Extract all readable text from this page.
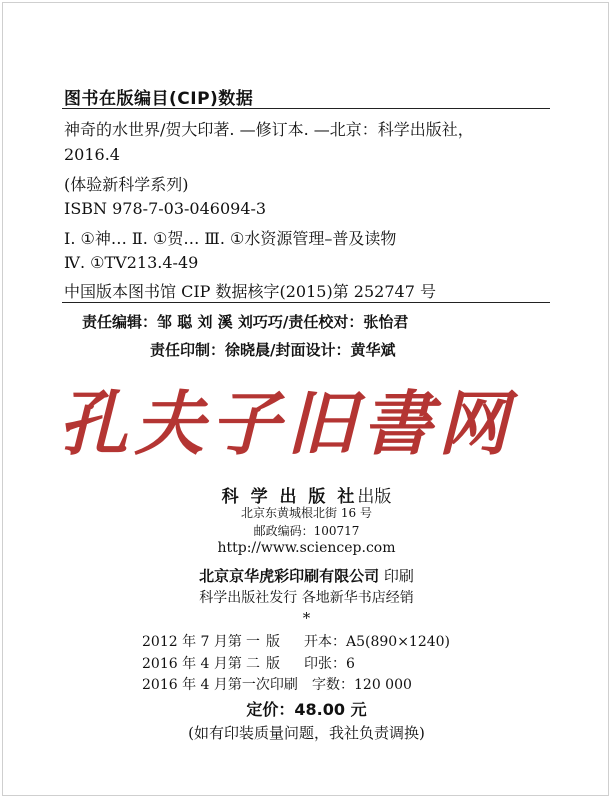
图书在版编目(CIP)数据
神奇的水世界/贺大印著. —修订本. —北京：科学出版社，
2016.4
(体验新科学系列)
ISBN 978-7-03-046094-3
Ⅰ. ①神… Ⅱ. ①贺… Ⅲ. ①水资源管理–普及读物
Ⅳ. ①TV213.4-49
中国版本图书馆 CIP 数据核字(2015)第 252747 号
责任编辑：邹 聪 刘 溪 刘巧巧/责任校对：张怡君
责任印制：徐晓晨/封面设计：黄华斌
孔夫子旧書网
科 学 出 版 社出版
北京东黄城根北街 16 号
邮政编码：100717
http://www.sciencep.com
北京京华虎彩印刷有限公司 印刷
科学出版社发行 各地新华书店经销
*
2012 年 7 月第 一版 开本：A5(890×1240)
2016 年 4 月第 二版 印张：6
2016 年 4 月第一次印刷 字数：120 000
定价：48.00 元
(如有印装质量问题，我社负责调换)
